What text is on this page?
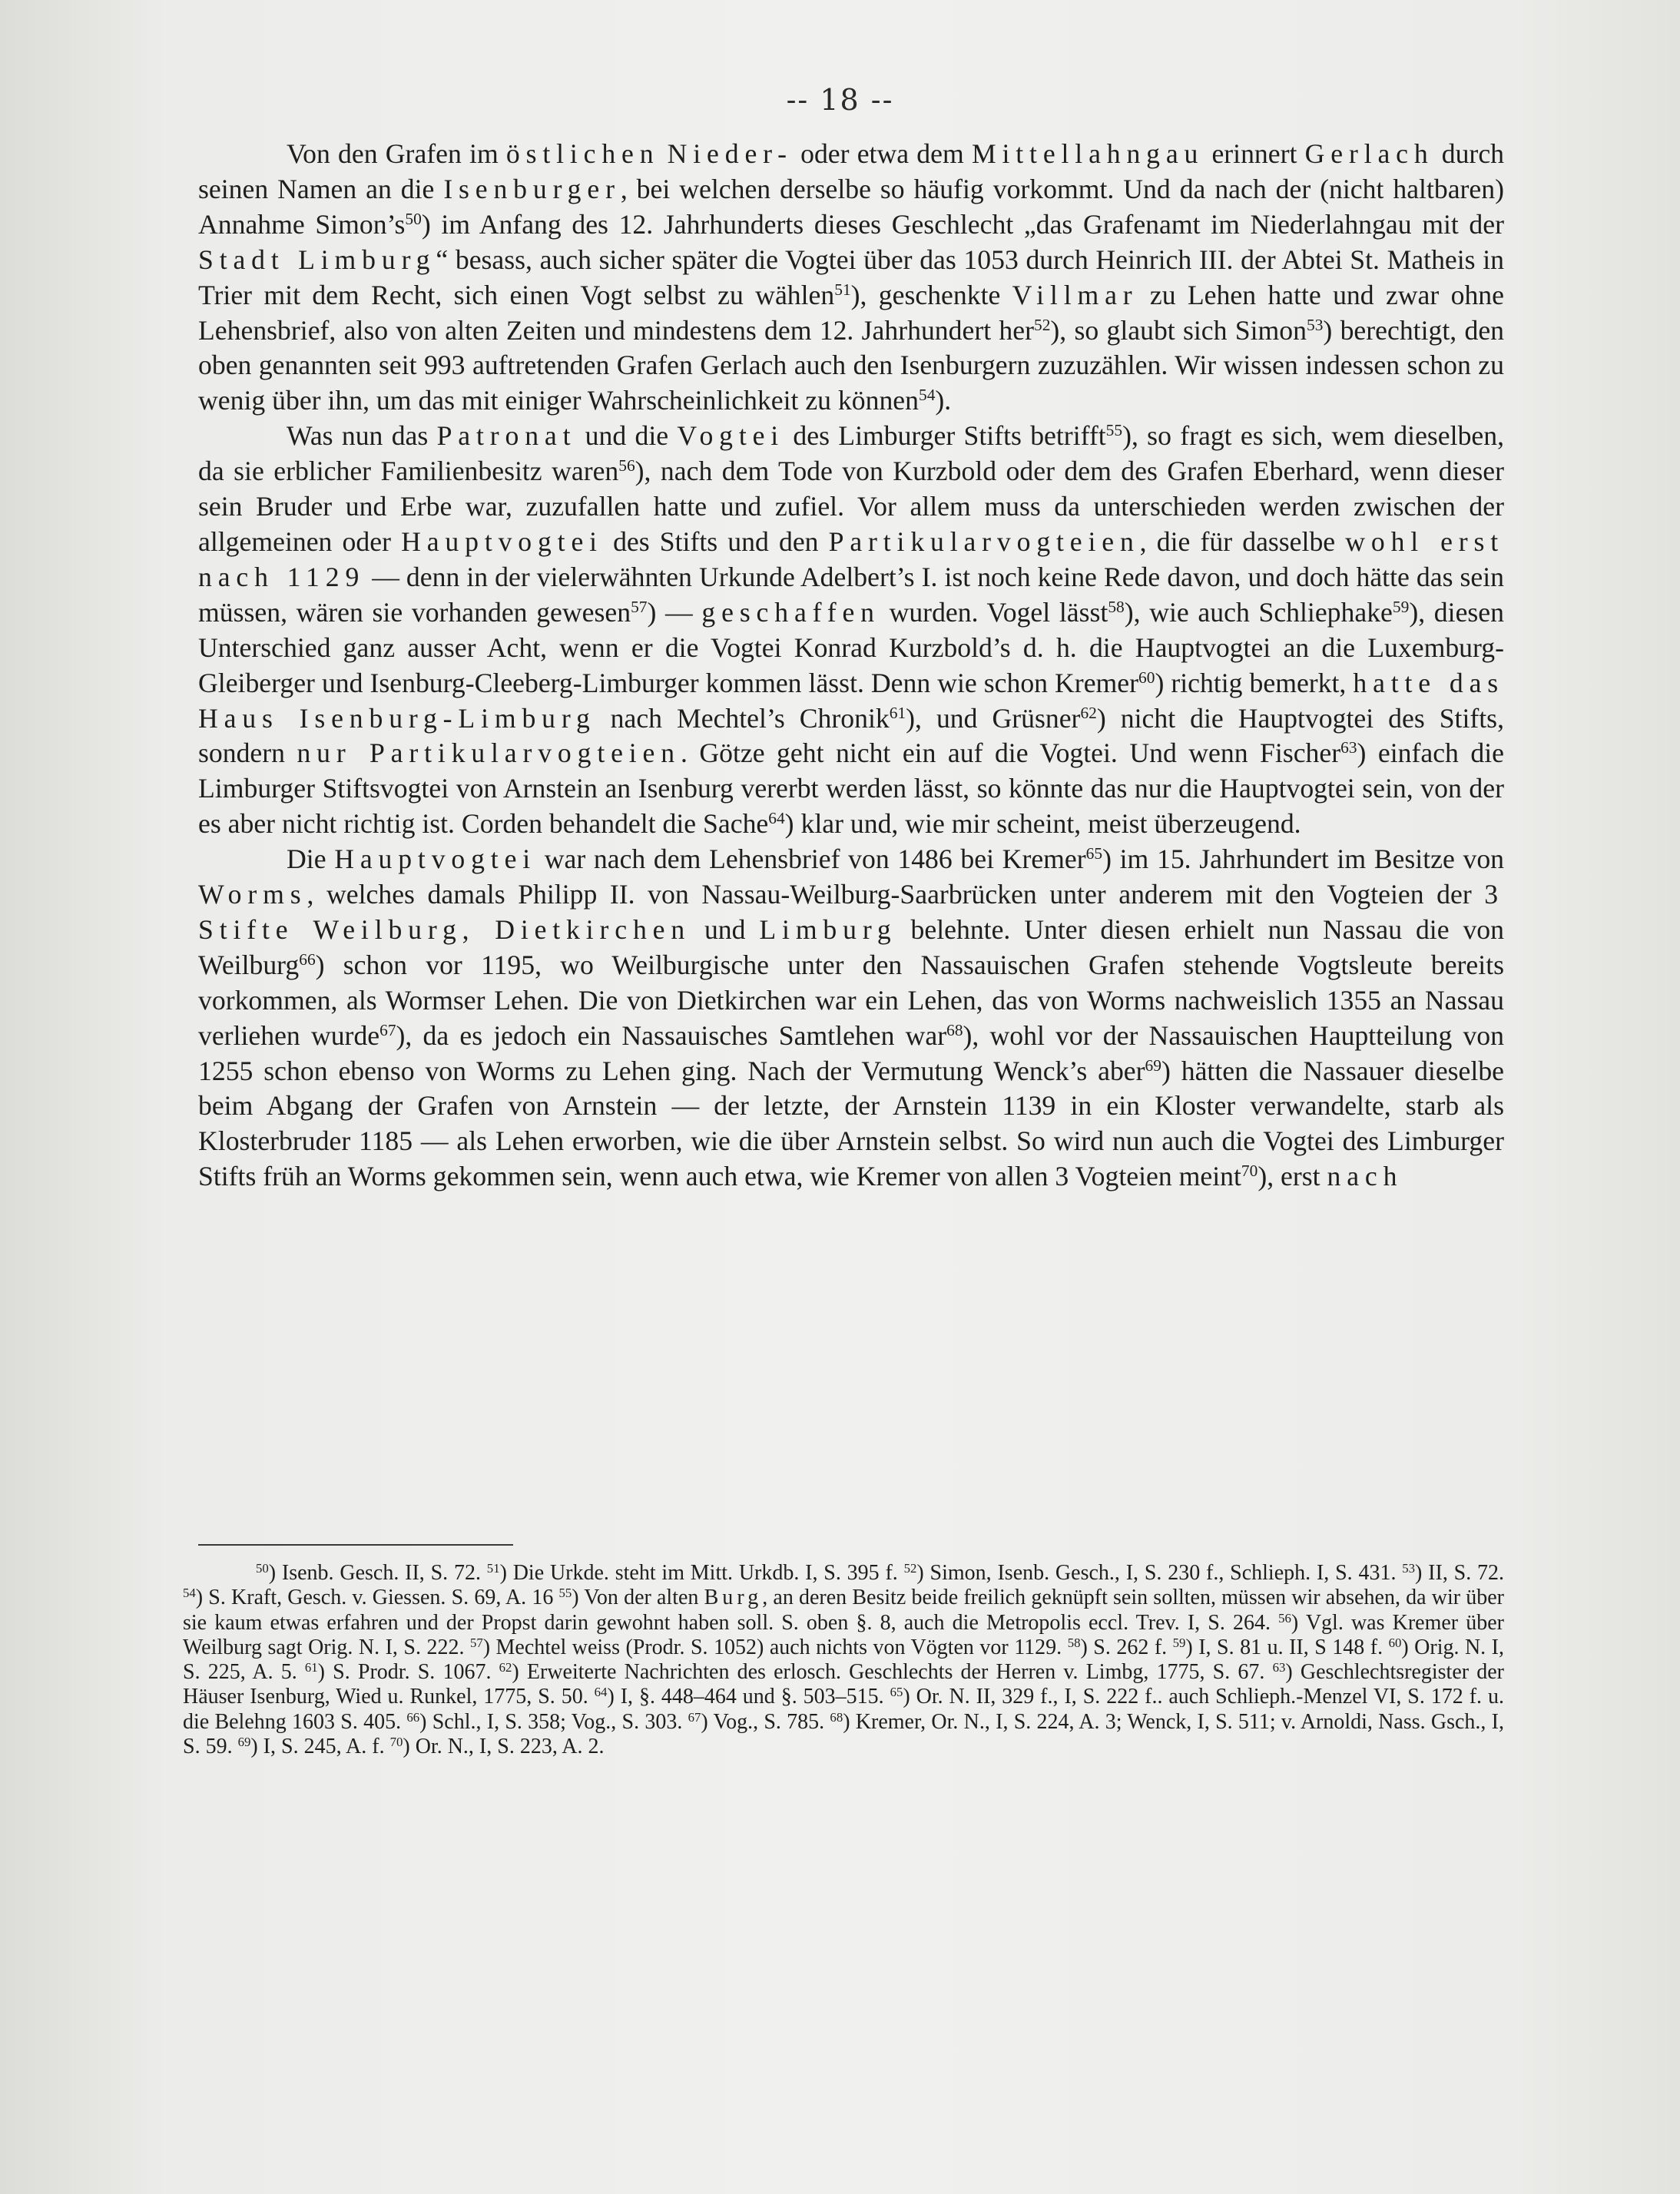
-- 18 --

Von den Grafen im östlichen Nieder- oder etwa dem Mittellahngau erinnert Gerlach durch seinen Namen an die Isenburger, bei welchen derselbe so häufig vorkommt. Und da nach der (nicht haltbaren) Annahme $Simon’s^{50}$) im Anfang des 12. Jahrhunderts dieses Geschlecht „das Grafenamt im Niederlahngau mit der Stadt Limburg“ besass, auch sicher später die Vogtei über das 1053 durch Heinrich III. der Abtei St. Matheis in Trier mit dem Recht, sich einen Vogt selbst zu wählen$^{51}$), geschenkte Villmar zu Lehen hatte und zwar ohne Lehensbrief, also von alten Zeiten und mindestens dem 12. Jahrhundert her$^{52}$), so glaubt sich Simon$^{53}$) berechtigt, den oben genannten seit 993 auftretenden Grafen Gerlach auch den Isenburgern zuzuzählen. Wir wissen indessen schon zu wenig über ihn, um das mit einiger Wahrscheinlichkeit zu können$^{54}$).

Was nun das Patronat und die Vogtei des Limburger Stifts betrifft$^{55}$), so fragt es sich, wem dieselben, da sie erblicher Familienbesitz waren$^{56}$), nach dem Tode von Kurzbold oder dem des Grafen Eberhard, wenn dieser sein Bruder und Erbe war, zuzufallen hatte und zufiel. Vor allem muss da unterschieden werden zwischen der allgemeinen oder Hauptvogtei des Stifts und den Partikularvogteien, die für dasselbe wohl erst nach 1129 — denn in der vielerwähnten Urkunde Adelbert’s I. ist noch keine Rede davon, und doch hätte das sein müssen, wären sie vorhanden gewesen$^{57}$) — geschaffen wurden. Vogel lässt$^{58}$), wie auch Schliephake$^{59}$), diesen Unterschied ganz ausser Acht, wenn er die Vogtei Konrad Kurzbold’s d. h. die Hauptvogtei an die Luxemburg-Gleiberger und Isenburg-Cleeberg-Limburger kommen lässt. Denn wie schon Kremer$^{60}$) richtig bemerkt, hatte das Haus Isenburg-Limburg nach Mechtel’s Chronik$^{61}$), und Grüsner$^{62}$) nicht die Hauptvogtei des Stifts, sondern nur Partikularvogteien. Götze geht nicht ein auf die Vogtei. Und wenn Fischer$^{63}$) einfach die Limburger Stiftsvogtei von Arnstein an Isenburg vererbt werden lässt, so könnte das nur die Hauptvogtei sein, von der es aber nicht richtig ist. Corden behandelt die Sache$^{64}$) klar und, wie mir scheint, meist überzeugend.

Die Hauptvogtei war nach dem Lehensbrief von 1486 bei Kremer$^{65}$) im 15. Jahrhundert im Besitze von Worms, welches damals Philipp II. von Nassau-Weilburg-Saarbrücken unter anderem mit den Vogteien der 3 Stifte Weilburg, Dietkirchen und Limburg belehnte. Unter diesen erhielt nun Nassau die von Weilburg$^{66}$) schon vor 1195, wo Weilburgische unter den Nassauischen Grafen stehende Vogtsleute bereits vorkommen, als Wormser Lehen. Die von Dietkirchen war ein Lehen, das von Worms nachweislich 1355 an Nassau verliehen wurde$^{67}$), da es jedoch ein Nassauisches Samtlehen war$^{68}$), wohl vor der Nassauischen Hauptteilung von 1255 schon ebenso von Worms zu Lehen ging. Nach der Vermutung Wenck’s aber$^{69}$) hätten die Nassauer dieselbe beim Abgang der Grafen von Arnstein — der letzte, der Arnstein 1139 in ein Kloster verwandelte, starb als Klosterbruder 1185 — als Lehen erworben, wie die über Arnstein selbst. So wird nun auch die Vogtei des Limburger Stifts früh an Worms gekommen sein, wenn auch etwa, wie Kremer von allen 3 Vogteien meint$^{70}$), erst nach

$^{50}$) Isenb. Gesch. II, S. 72. $^{51}$) Die Urkde. steht im Mitt. Urkdb. I, S. 395 f. $^{52}$) Simon, Isenb. Gesch., I, S. 230 f., Schlieph. I, S. 431. $^{53}$) II, S. 72. $^{54}$) S. Kraft, Gesch. v. Giessen. S. 69, A. 16 $^{55}$) Von der alten Burg, an deren Besitz beide freilich geknüpft sein sollten, müssen wir absehen, da wir über sie kaum etwas erfahren und der Propst darin gewohnt haben soll. S. oben §. 8, auch die Metropolis eccl. Trev. I, S. 264. $^{56}$) Vgl. was Kremer über Weilburg sagt Orig. N. I, S. 222. $^{57}$) Mechtel weiss (Prodr. S. 1052) auch nichts von Vögten vor 1129. $^{58}$) S. 262 f. $^{59}$) I, S. 81 u. II, S 148 f. $^{60}$) Orig. N. I, S. 225, A. 5. $^{61}$) S. Prodr. S. 1067. $^{62}$) Erweiterte Nachrichten des erlosch. Geschlechts der Herren v. Limbg, 1775, S. 67. $^{63}$) Geschlechtsregister der Häuser Isenburg, Wied u. Runkel, 1775, S. 50. $^{64}$) I, §. 448–464 und §. 503–515. $^{65}$) Or. N. II, 329 f., I, S. 222 f.. auch Schlieph.-Menzel VI, S. 172 f. u. die Belehng 1603 S. 405. $^{66}$) Schl., I, S. 358; Vog., S. 303. $^{67}$) Vog., S. 785. $^{68}$) Kremer, Or. N., I, S. 224, A. 3; Wenck, I, S. 511; v. Arnoldi, Nass. Gsch., I, S. 59. $^{69}$) I, S. 245, A. f. $^{70}$) Or. N., I, S. 223, A. 2.
